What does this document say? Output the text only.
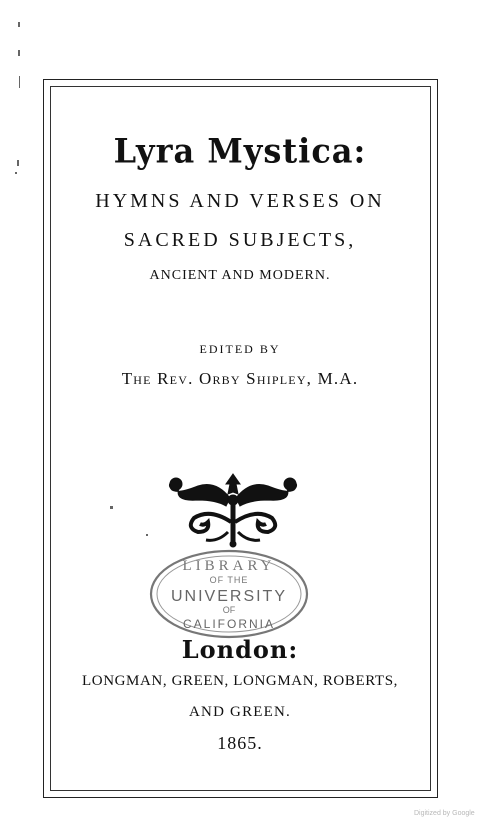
Lyra Mystica:

HYMNS AND VERSES ON

SACRED SUBJECTS,

ANCIENT AND MODERN.

EDITED BY

The Rev. Orby Shipley, M.A.

LIBRARY
OF THE
UNIVERSITY
OF
CALIFORNIA

London:

LONGMAN, GREEN, LONGMAN, ROBERTS,

AND GREEN.

1865.

Digitized by Google
